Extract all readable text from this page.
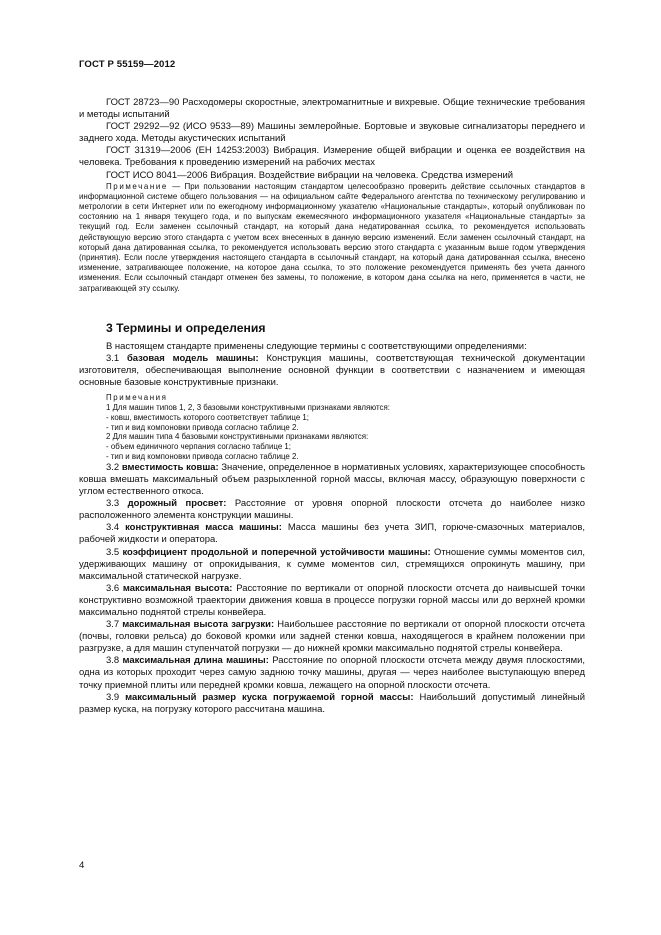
ГОСТ Р 55159—2012

ГОСТ 28723—90 Расходомеры скоростные, электромагнитные и вихревые. Общие технические требования и методы испытаний

ГОСТ 29292—92 (ИСО 9533—89) Машины землеройные. Бортовые и звуковые сигнализаторы переднего и заднего хода. Методы акустических испытаний

ГОСТ 31319—2006 (ЕН 14253:2003) Вибрация. Измерение общей вибрации и оценка ее воздействия на человека. Требования к проведению измерений на рабочих местах

ГОСТ ИСО 8041—2006 Вибрация. Воздействие вибрации на человека. Средства измерений

Примечание — При пользовании настоящим стандартом целесообразно проверить действие ссылочных стандартов в информационной системе общего пользования — на официальном сайте Федерального агентства по техническому регулированию и метрологии в сети Интернет или по ежегодному информационному указателю «Национальные стандарты», который опубликован по состоянию на 1 января текущего года, и по выпускам ежемесячного информационного указателя «Национальные стандарты» за текущий год. Если заменен ссылочный стандарт, на который дана недатированная ссылка, то рекомендуется использовать действующую версию этого стандарта с учетом всех внесенных в данную версию изменений. Если заменен ссылочный стандарт, на который дана датированная ссылка, то рекомендуется использовать версию этого стандарта с указанным выше годом утверждения (принятия). Если после утверждения настоящего стандарта в ссылочный стандарт, на который дана датированная ссылка, внесено изменение, затрагивающее положение, на которое дана ссылка, то это положение рекомендуется применять без учета данного изменения. Если ссылочный стандарт отменен без замены, то положение, в котором дана ссылка на него, применяется в части, не затрагивающей эту ссылку.

3 Термины и определения

В настоящем стандарте применены следующие термины с соответствующими определениями:

3.1 базовая модель машины: Конструкция машины, соответствующая технической документации изготовителя, обеспечивающая выполнение основной функции в соответствии с назначением и имеющая основные базовые конструктивные признаки.

Примечания
1 Для машин типов 1, 2, 3 базовыми конструктивными признаками являются:
- ковш, вместимость которого соответствует таблице 1;
- тип и вид компоновки привода согласно таблице 2.
2 Для машин типа 4 базовыми конструктивными признаками являются:
- объем единичного черпания согласно таблице 1;
- тип и вид компоновки привода согласно таблице 2.

3.2 вместимость ковша: Значение, определенное в нормативных условиях, характеризующее способность ковша вмешать максимальный объем разрыхленной горной массы, включая массу, образующую поверхности с углом естественного откоса.

3.3 дорожный просвет: Расстояние от уровня опорной плоскости отсчета до наиболее низко расположенного элемента конструкции машины.

3.4 конструктивная масса машины: Масса машины без учета ЗИП, горюче-смазочных материалов, рабочей жидкости и оператора.

3.5 коэффициент продольной и поперечной устойчивости машины: Отношение суммы моментов сил, удерживающих машину от опрокидывания, к сумме моментов сил, стремящихся опрокинуть машину, при максимальной статической нагрузке.

3.6 максимальная высота: Расстояние по вертикали от опорной плоскости отсчета до наивысшей точки конструктивно возможной траектории движения ковша в процессе погрузки горной массы или до верхней кромки максимально поднятой стрелы конвейера.

3.7 максимальная высота загрузки: Наибольшее расстояние по вертикали от опорной плоскости отсчета (почвы, головки рельса) до боковой кромки или задней стенки ковша, находящегося в крайнем положении при разгрузке, а для машин ступенчатой погрузки — до нижней кромки максимально поднятой стрелы конвейера.

3.8 максимальная длина машины: Расстояние по опорной плоскости отсчета между двумя плоскостями, одна из которых проходит через самую заднюю точку машины, другая — через наиболее выступающую вперед точку приемной плиты или передней кромки ковша, лежащего на опорной плоскости отсчета.

3.9 максимальный размер куска погружаемой горной массы: Наибольший допустимый линейный размер куска, на погрузку которого рассчитана машина.

4
